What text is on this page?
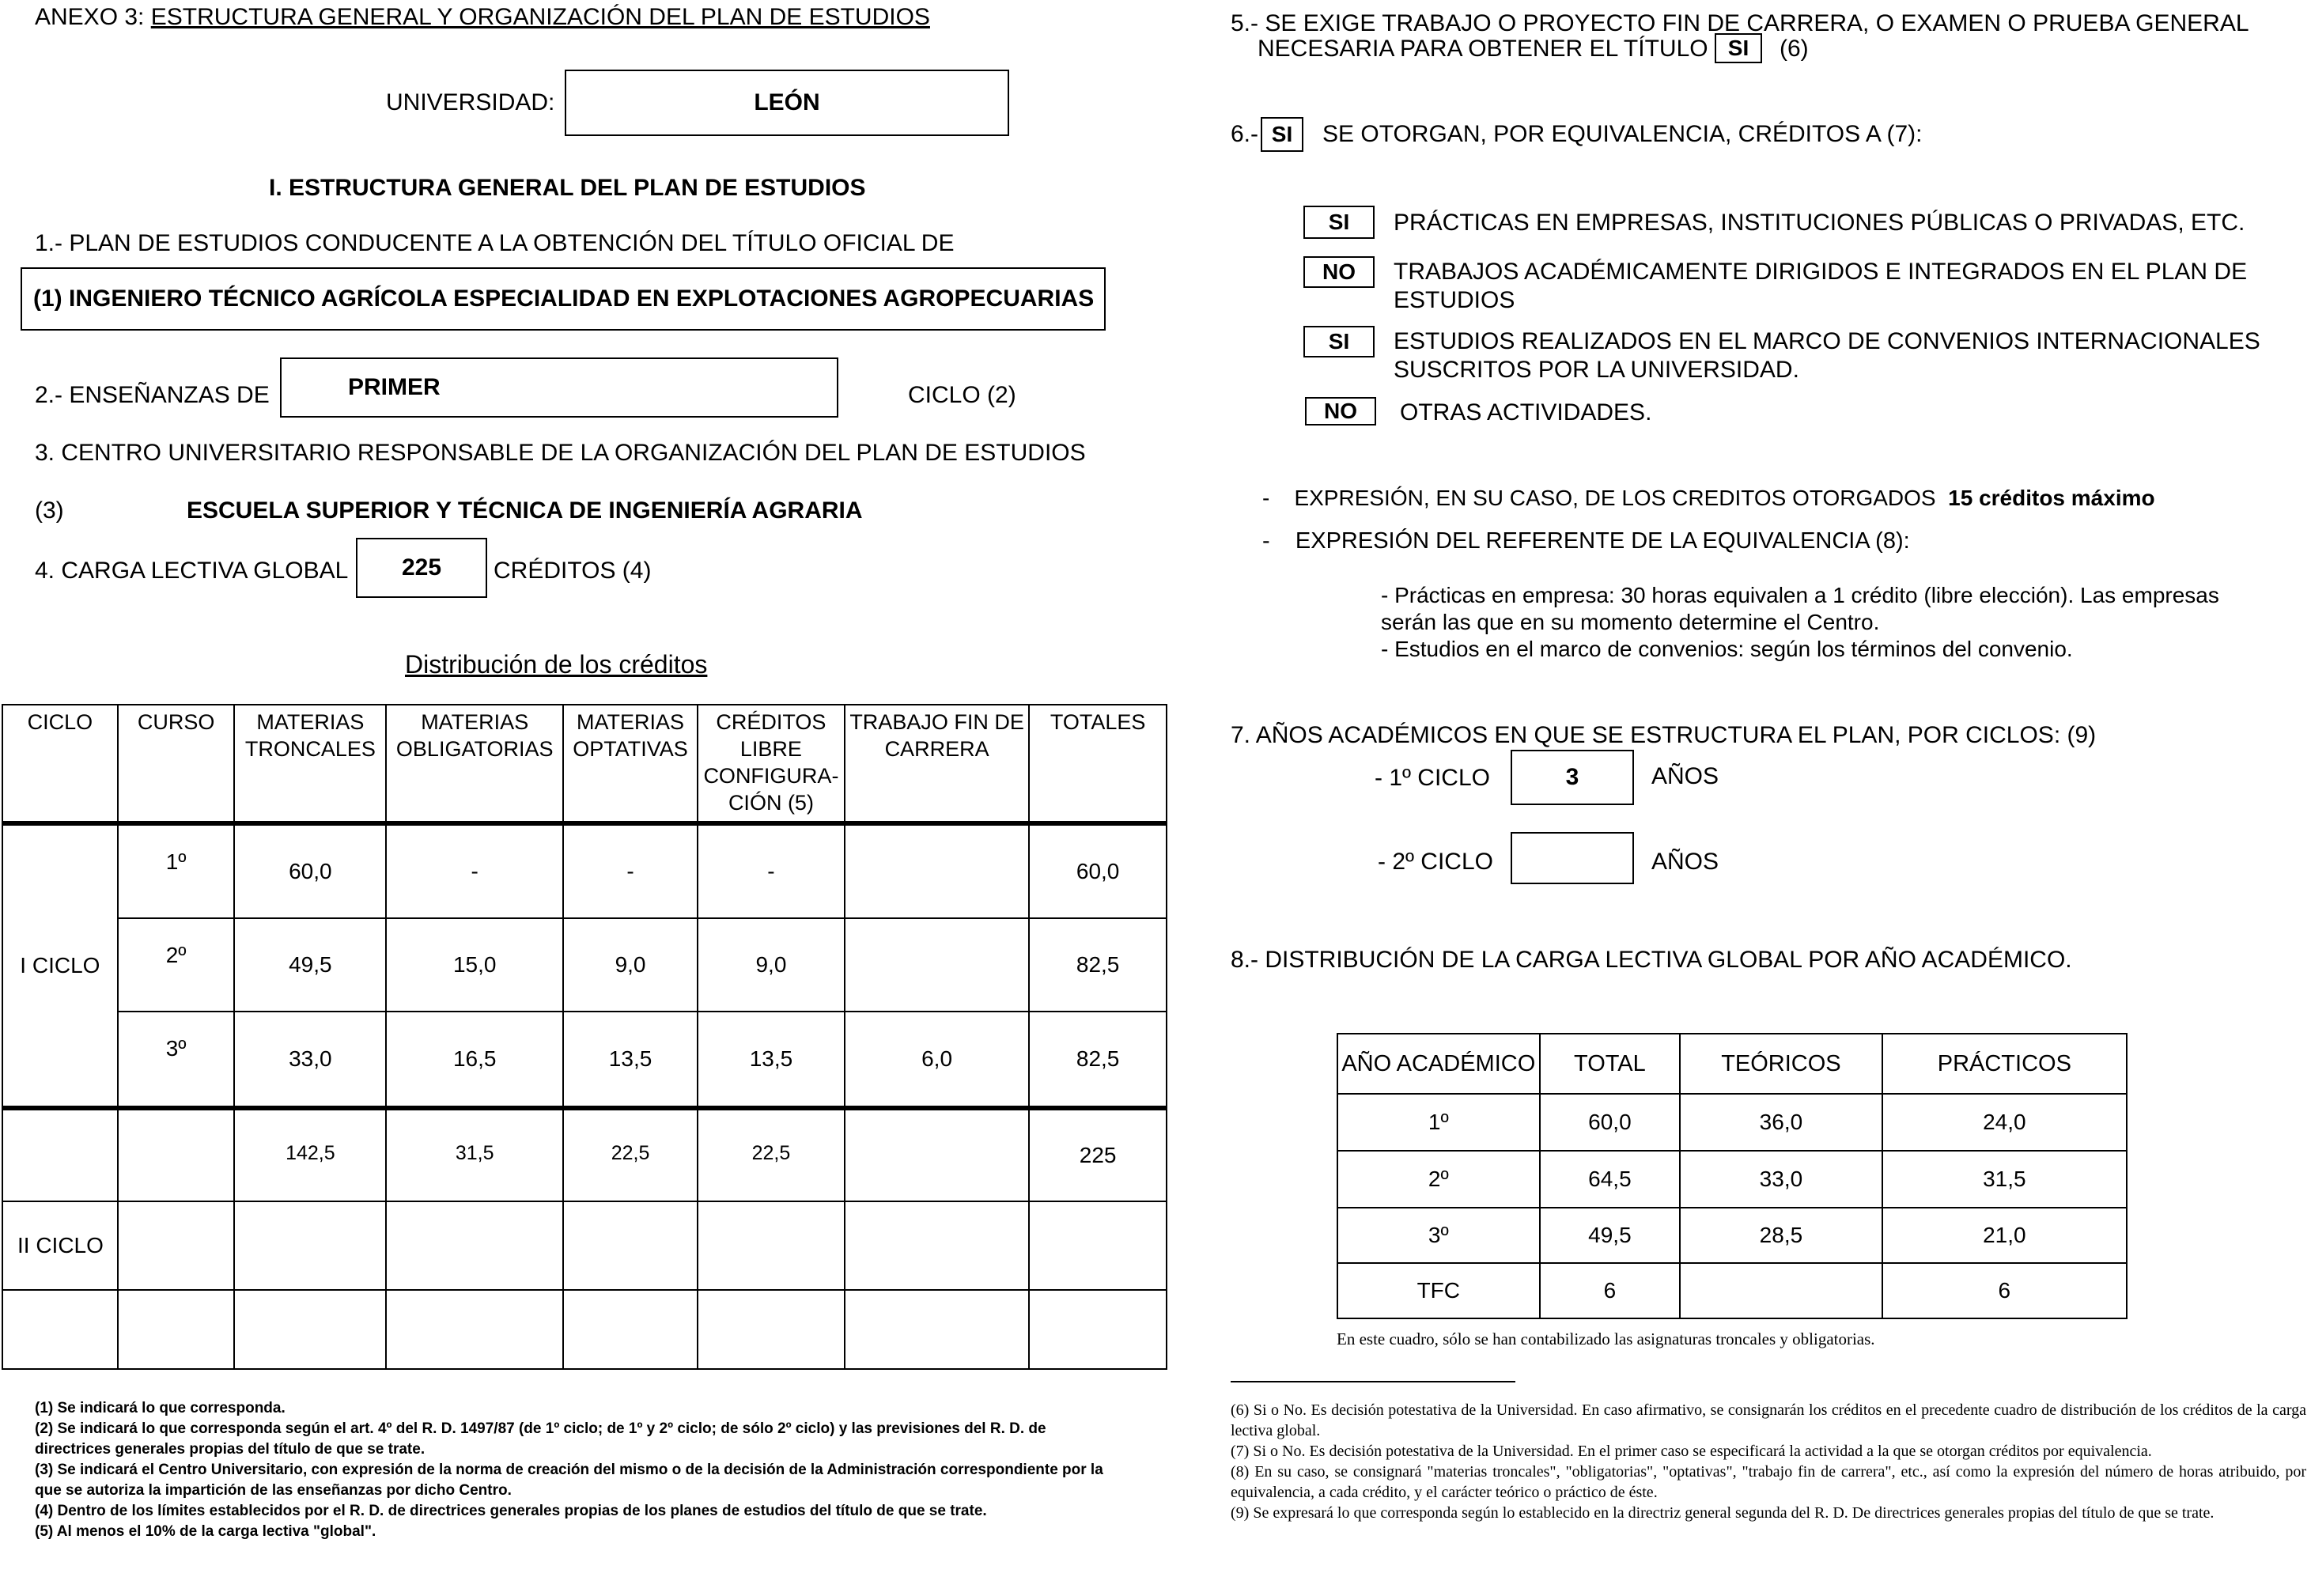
ANEXO 3: ESTRUCTURA GENERAL Y ORGANIZACIÓN DEL PLAN DE ESTUDIOS
UNIVERSIDAD:	LEÓN
I. ESTRUCTURA GENERAL DEL PLAN DE ESTUDIOS
1.- PLAN DE ESTUDIOS CONDUCENTE A LA OBTENCIÓN DEL TÍTULO OFICIAL DE
(1) INGENIERO TÉCNICO AGRÍCOLA ESPECIALIDAD EN EXPLOTACIONES AGROPECUARIAS
2.- ENSEÑANZAS DE	PRIMER	CICLO (2)
3. CENTRO UNIVERSITARIO RESPONSABLE DE LA ORGANIZACIÓN DEL PLAN DE ESTUDIOS
(3)	ESCUELA SUPERIOR Y TÉCNICA DE INGENIERÍA AGRARIA
4. CARGA LECTIVA GLOBAL 225 CRÉDITOS (4)
Distribución de los créditos
CICLO	CURSO	MATERIAS TRONCALES	MATERIAS OBLIGATORIAS	MATERIAS OPTATIVAS	CRÉDITOS LIBRE CONFIGURA- CIÓN (5)	TRABAJO FIN DE CARRERA	TOTALES
I CICLO	1º	60,0	-	-	-		60,0
	2º	49,5	15,0	9,0	9,0		82,5
	3º	33,0	16,5	13,5	13,5	6,0	82,5
		142,5	31,5	22,5	22,5		225
II CICLO							

(1) Se indicará lo que corresponda.
(2) Se indicará lo que corresponda según el art. 4º del R. D. 1497/87 (de 1º ciclo; de 1º y 2º ciclo; de sólo 2º ciclo) y las previsiones del R. D. de directrices generales propias del título de que se trate.
(3) Se indicará el Centro Universitario, con expresión de la norma de creación del mismo o de la decisión de la Administración correspondiente por la que se autoriza la impartición de las enseñanzas por dicho Centro.
(4) Dentro de los límites establecidos por el R. D. de directrices generales propias de los planes de estudios del título de que se trate.
(5) Al menos el 10% de la carga lectiva "global".
5.- SE EXIGE TRABAJO O PROYECTO FIN DE CARRERA, O EXAMEN O PRUEBA GENERAL
NECESARIA PARA OBTENER EL TÍTULO SI (6)
6.- SI SE OTORGAN, POR EQUIVALENCIA, CRÉDITOS A (7):
SI PRÁCTICAS EN EMPRESAS, INSTITUCIONES PÚBLICAS O PRIVADAS, ETC.
NO TRABAJOS ACADÉMICAMENTE DIRIGIDOS E INTEGRADOS EN EL PLAN DE ESTUDIOS
SI ESTUDIOS REALIZADOS EN EL MARCO DE CONVENIOS INTERNACIONALES SUSCRITOS POR LA UNIVERSIDAD.
NO OTRAS ACTIVIDADES.
-    EXPRESIÓN, EN SU CASO, DE LOS CREDITOS OTORGADOS 15 créditos máximo
-    EXPRESIÓN DEL REFERENTE DE LA EQUIVALENCIA (8):
- Prácticas en empresa: 30 horas equivalen a 1 crédito (libre elección). Las empresas
serán las que en su momento determine el Centro.
- Estudios en el marco de convenios: según los términos del convenio.
7. AÑOS ACADÉMICOS EN QUE SE ESTRUCTURA EL PLAN, POR CICLOS: (9)
- 1º CICLO	3	AÑOS
- 2º CICLO	AÑOS
8.- DISTRIBUCIÓN DE LA CARGA LECTIVA GLOBAL POR AÑO ACADÉMICO.
AÑO ACADÉMICO	TOTAL	TEÓRICOS	PRÁCTICOS
1º	60,0	36,0	24,0
2º	64,5	33,0	31,5
3º	49,5	28,5	21,0
TFC	6		6
En este cuadro, sólo se han contabilizado las asignaturas troncales y obligatorias.
(6) Si o No. Es decisión potestativa de la Universidad. En caso afirmativo, se consignarán los créditos en el precedente cuadro de distribución de los créditos de la carga lectiva global.
(7) Si o No. Es decisión potestativa de la Universidad. En el primer caso se especificará la actividad a la que se otorgan créditos por equivalencia.
(8) En su caso, se consignará "materias troncales", "obligatorias", "optativas", "trabajo fin de carrera", etc., así como la expresión del número de horas atribuido, por equivalencia, a cada crédito, y el carácter teórico o práctico de éste.
(9) Se expresará lo que corresponda según lo establecido en la directriz general segunda del R. D. De directrices generales propias del título de que se trate.
